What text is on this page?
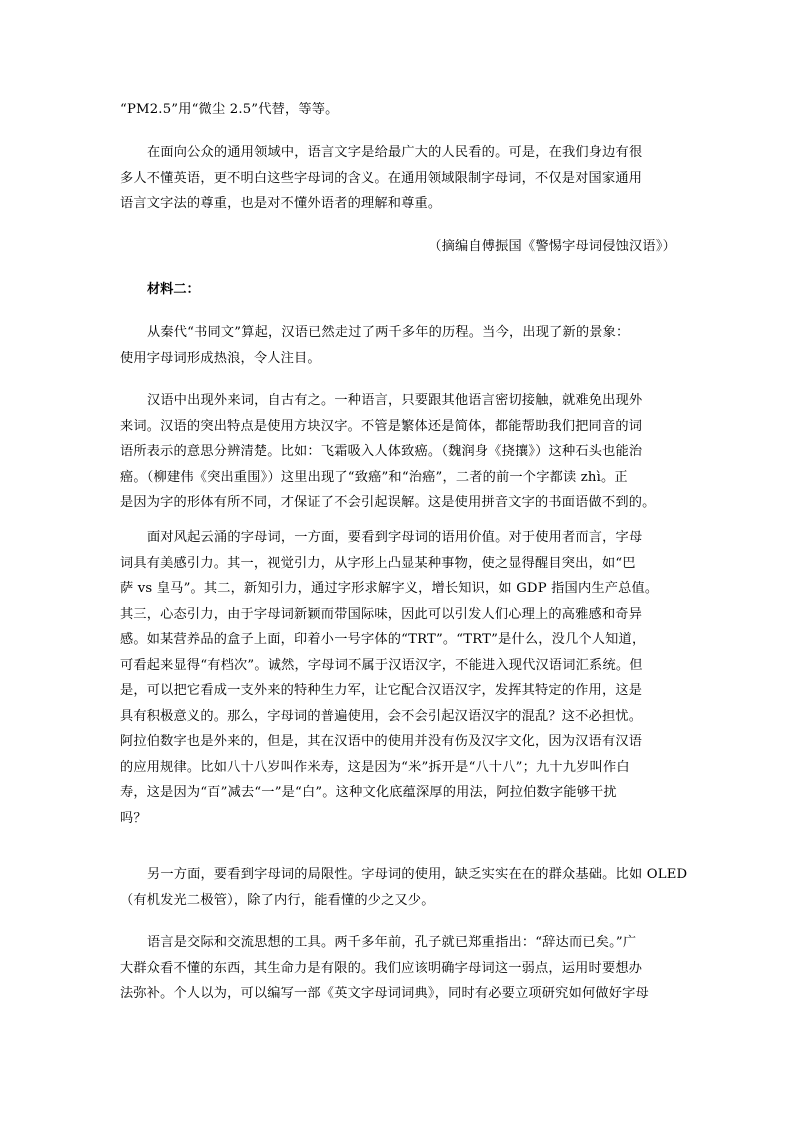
“PM2.5”用“微尘 2.5”代替，等等。

在面向公众的通用领域中，语言文字是给最广大的人民看的。可是，在我们身边有很
多人不懂英语，更不明白这些字母词的含义。在通用领域限制字母词，不仅是对国家通用
语言文字法的尊重，也是对不懂外语者的理解和尊重。

（摘编自傅振国《警惕字母词侵蚀汉语》）
材料二：

从秦代“书同文”算起，汉语已然走过了两千多年的历程。当今，出现了新的景象：
使用字母词形成热浪，令人注目。

汉语中出现外来词，自古有之。一种语言，只要跟其他语言密切接触，就难免出现外
来词。汉语的突出特点是使用方块汉字。不管是繁体还是简体，都能帮助我们把同音的词
语所表示的意思分辨清楚。比如：飞霜吸入人体致癌。（魏润身《挠攘》）这种石头也能治
癌。（柳建伟《突出重围》）这里出现了“致癌”和“治癌”，二者的前一个字都读 zhì。正
是因为字的形体有所不同，才保证了不会引起误解。这是使用拼音文字的书面语做不到的。

面对风起云涌的字母词，一方面，要看到字母词的语用价值。对于使用者而言，字母
词具有美感引力。其一，视觉引力，从字形上凸显某种事物，使之显得醒目突出，如“巴
萨 vs 皇马”。其二，新知引力，通过字形求解字义，增长知识，如 GDP 指国内生产总值。
其三，心态引力，由于字母词新颖而带国际味，因此可以引发人们心理上的高雅感和奇异
感。如某营养品的盒子上面，印着小一号字体的“TRT”。“TRT”是什么，没几个人知道，
可看起来显得“有档次”。诚然，字母词不属于汉语汉字，不能进入现代汉语词汇系统。但
是，可以把它看成一支外来的特种生力军，让它配合汉语汉字，发挥其特定的作用，这是
具有积极意义的。那么，字母词的普遍使用，会不会引起汉语汉字的混乱？这不必担忧。
阿拉伯数字也是外来的，但是，其在汉语中的使用并没有伤及汉字文化，因为汉语有汉语
的应用规律。比如八十八岁叫作米寿，这是因为“米”拆开是“八十八”；九十九岁叫作白
寿，这是因为“百”减去“一”是“白”。这种文化底蕴深厚的用法，阿拉伯数字能够干扰
吗？

另一方面，要看到字母词的局限性。字母词的使用，缺乏实实在在的群众基础。比如 OLED
（有机发光二极管），除了内行，能看懂的少之又少。

语言是交际和交流思想的工具。两千多年前，孔子就已郑重指出：“辞达而已矣。”广
大群众看不懂的东西，其生命力是有限的。我们应该明确字母词这一弱点，运用时要想办
法弥补。个人以为，可以编写一部《英文字母词词典》，同时有必要立项研究如何做好字母
